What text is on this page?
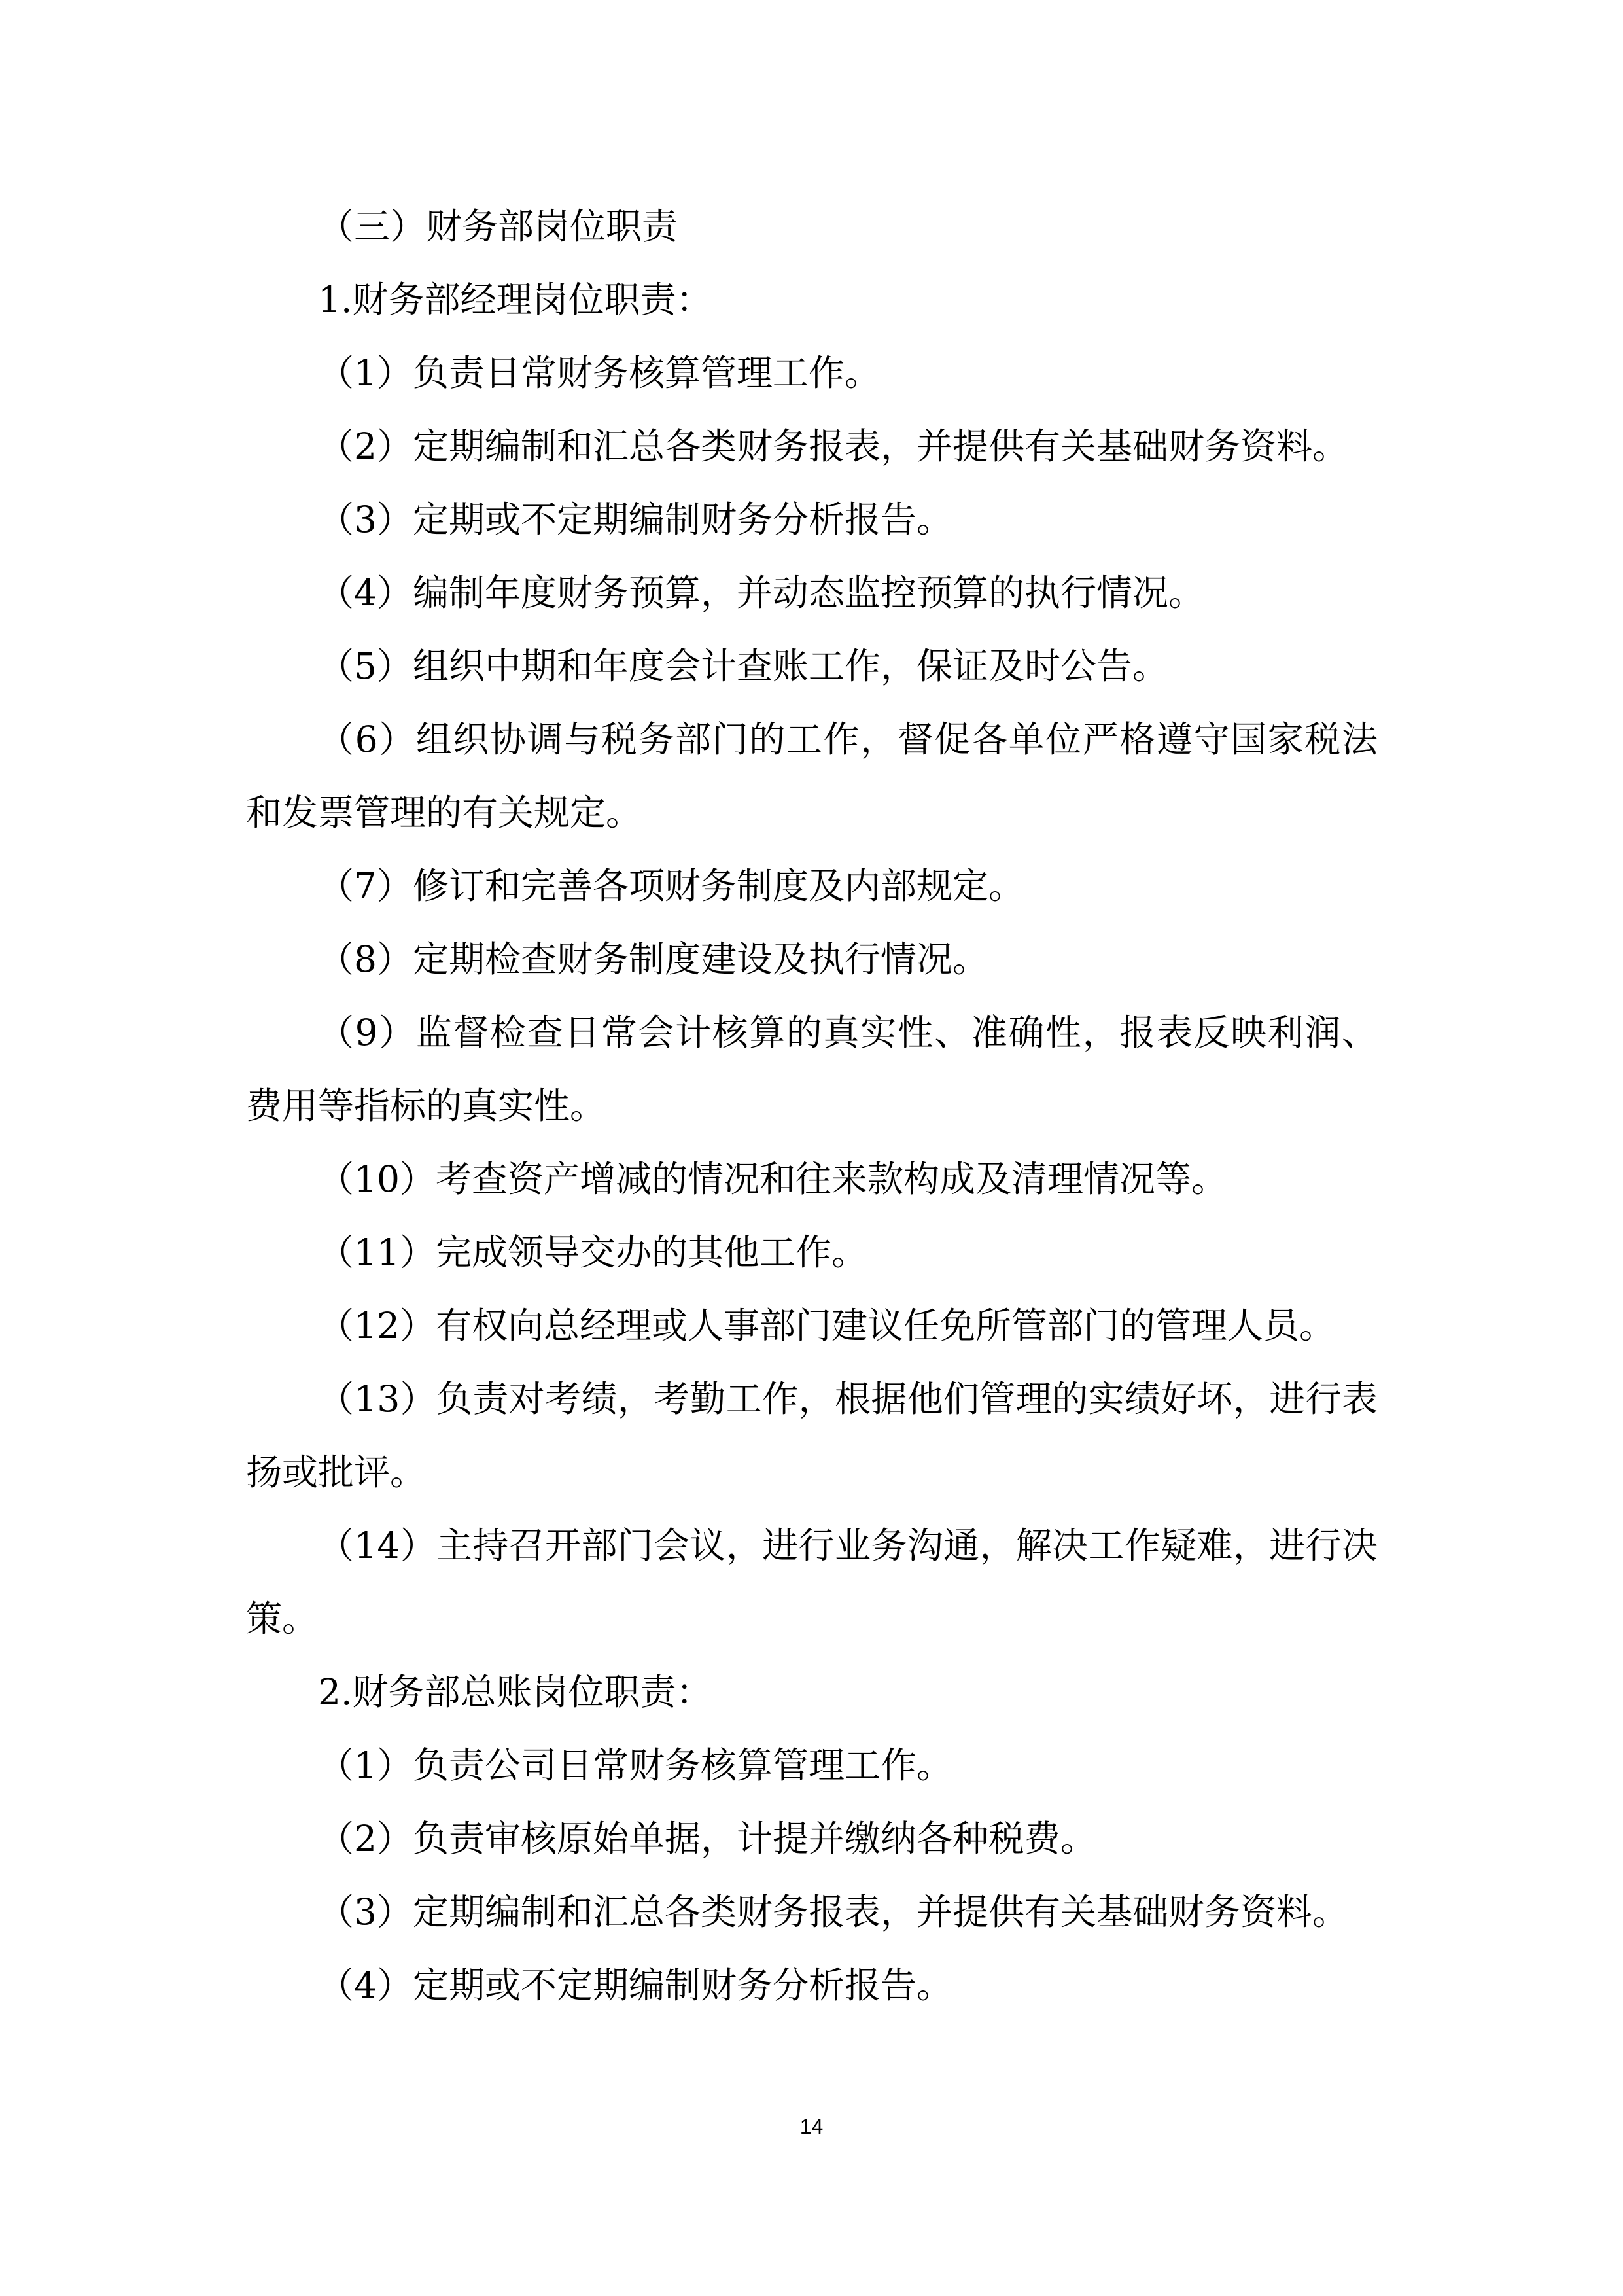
（三）财务部岗位职责

1.财务部经理岗位职责：

（1）负责日常财务核算管理工作。

（2）定期编制和汇总各类财务报表，并提供有关基础财务资料。

（3）定期或不定期编制财务分析报告。

（4）编制年度财务预算，并动态监控预算的执行情况。

（5）组织中期和年度会计查账工作，保证及时公告。

（6）组织协调与税务部门的工作，督促各单位严格遵守国家税法和发票管理的有关规定。

（7）修订和完善各项财务制度及内部规定。

（8）定期检查财务制度建设及执行情况。

（9）监督检查日常会计核算的真实性、准确性，报表反映利润、费用等指标的真实性。

（10）考查资产增减的情况和往来款构成及清理情况等。

（11）完成领导交办的其他工作。

（12）有权向总经理或人事部门建议任免所管部门的管理人员。

（13）负责对考绩，考勤工作，根据他们管理的实绩好坏，进行表扬或批评。

（14）主持召开部门会议，进行业务沟通，解决工作疑难，进行决策。

2.财务部总账岗位职责：

（1）负责公司日常财务核算管理工作。

（2）负责审核原始单据，计提并缴纳各种税费。

（3）定期编制和汇总各类财务报表，并提供有关基础财务资料。

（4）定期或不定期编制财务分析报告。

14
